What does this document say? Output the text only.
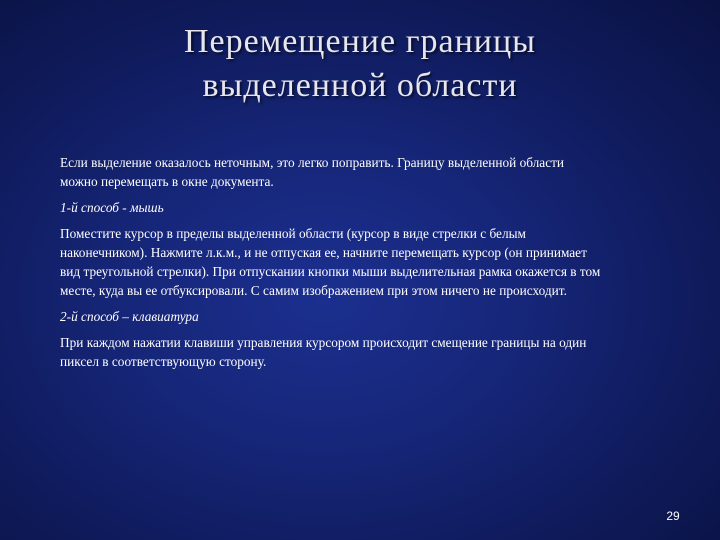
Перемещение границы
выделенной области

Если выделение оказалось неточным, это легко поправить. Границу выделенной области
можно перемещать в окне документа.

1-й способ - мышь

Поместите курсор в пределы выделенной области (курсор в виде стрелки с белым
наконечником). Нажмите л.к.м., и не отпуская ее, начните перемещать курсор (он принимает
вид треугольной стрелки). При отпускании кнопки мыши выделительная рамка окажется в том
месте, куда вы ее отбуксировали. С самим изображением при этом ничего не происходит.

2-й способ – клавиатура

При каждом нажатии клавиши управления курсором происходит смещение границы на один
пиксел в соответствующую сторону.

29
